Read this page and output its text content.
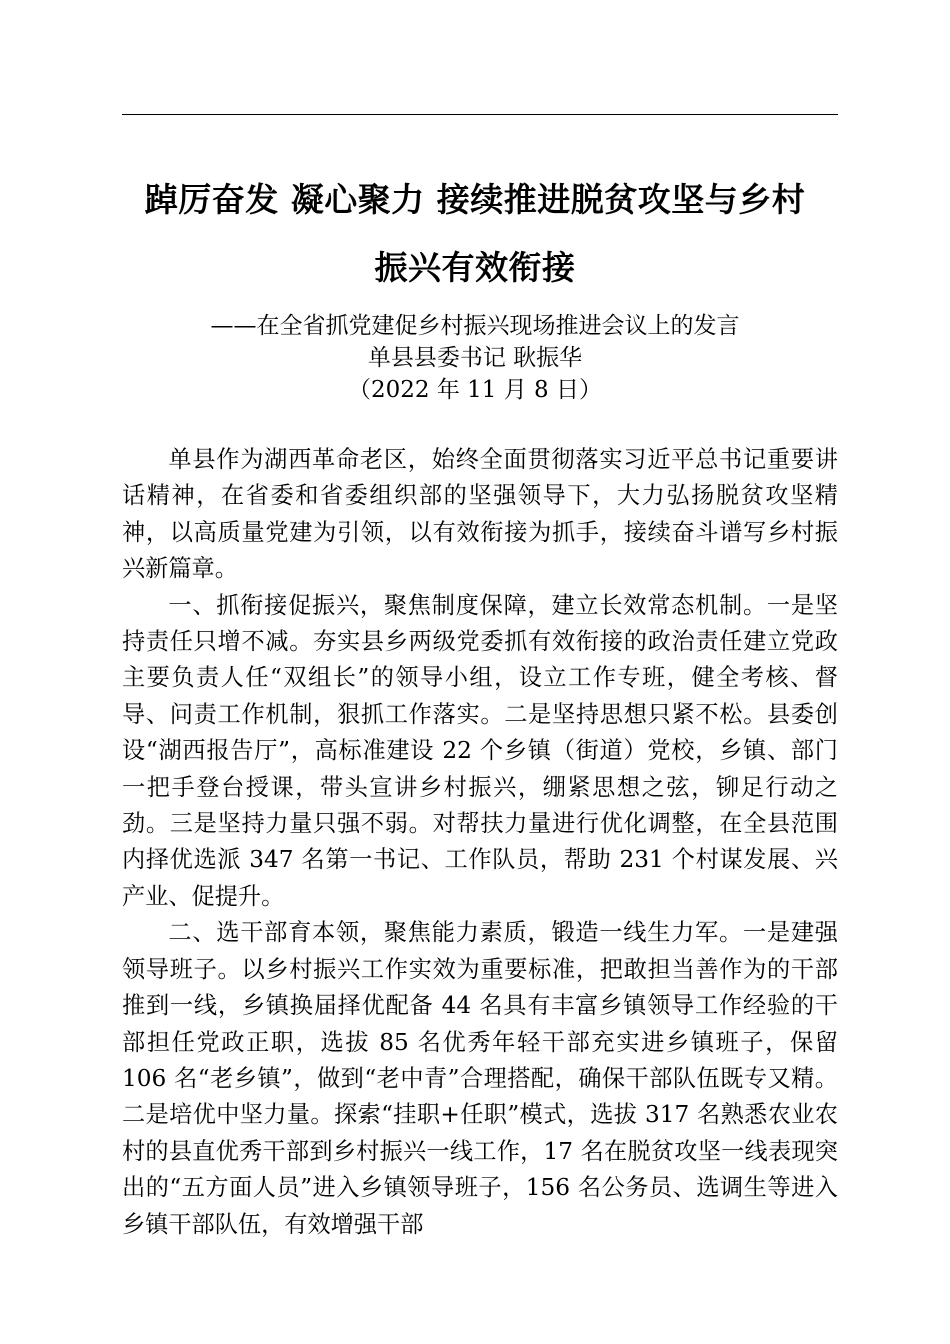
踔厉奋发 凝心聚力 接续推进脱贫攻坚与乡村
振兴有效衔接
——在全省抓党建促乡村振兴现场推进会议上的发言
单县县委书记 耿振华
（2022 年 11 月 8 日）

单县作为湖西革命老区，始终全面贯彻落实习近平总书记重要讲话精神，在省委和省委组织部的坚强领导下，大力弘扬脱贫攻坚精神，以高质量党建为引领，以有效衔接为抓手，接续奋斗谱写乡村振兴新篇章。

一、抓衔接促振兴，聚焦制度保障，建立长效常态机制。一是坚持责任只增不减。夯实县乡两级党委抓有效衔接的政治责任建立党政主要负责人任“双组长”的领导小组，设立工作专班，健全考核、督导、问责工作机制，狠抓工作落实。二是坚持思想只紧不松。县委创设“湖西报告厅”，高标准建设 22 个乡镇（街道）党校，乡镇、部门一把手登台授课，带头宣讲乡村振兴，绷紧思想之弦，铆足行动之劲。三是坚持力量只强不弱。对帮扶力量进行优化调整，在全县范围内择优选派 347 名第一书记、工作队员，帮助 231 个村谋发展、兴产业、促提升。

二、选干部育本领，聚焦能力素质，锻造一线生力军。一是建强领导班子。以乡村振兴工作实效为重要标准，把敢担当善作为的干部推到一线，乡镇换届择优配备 44 名具有丰富乡镇领导工作经验的干部担任党政正职，选拔 85 名优秀年轻干部充实进乡镇班子，保留 106 名“老乡镇”，做到“老中青”合理搭配，确保干部队伍既专又精。二是培优中坚力量。探索“挂职+任职”模式，选拔 317 名熟悉农业农村的县直优秀干部到乡村振兴一线工作，17 名在脱贫攻坚一线表现突出的“五方面人员”进入乡镇领导班子，156 名公务员、选调生等进入乡镇干部队伍，有效增强干部
